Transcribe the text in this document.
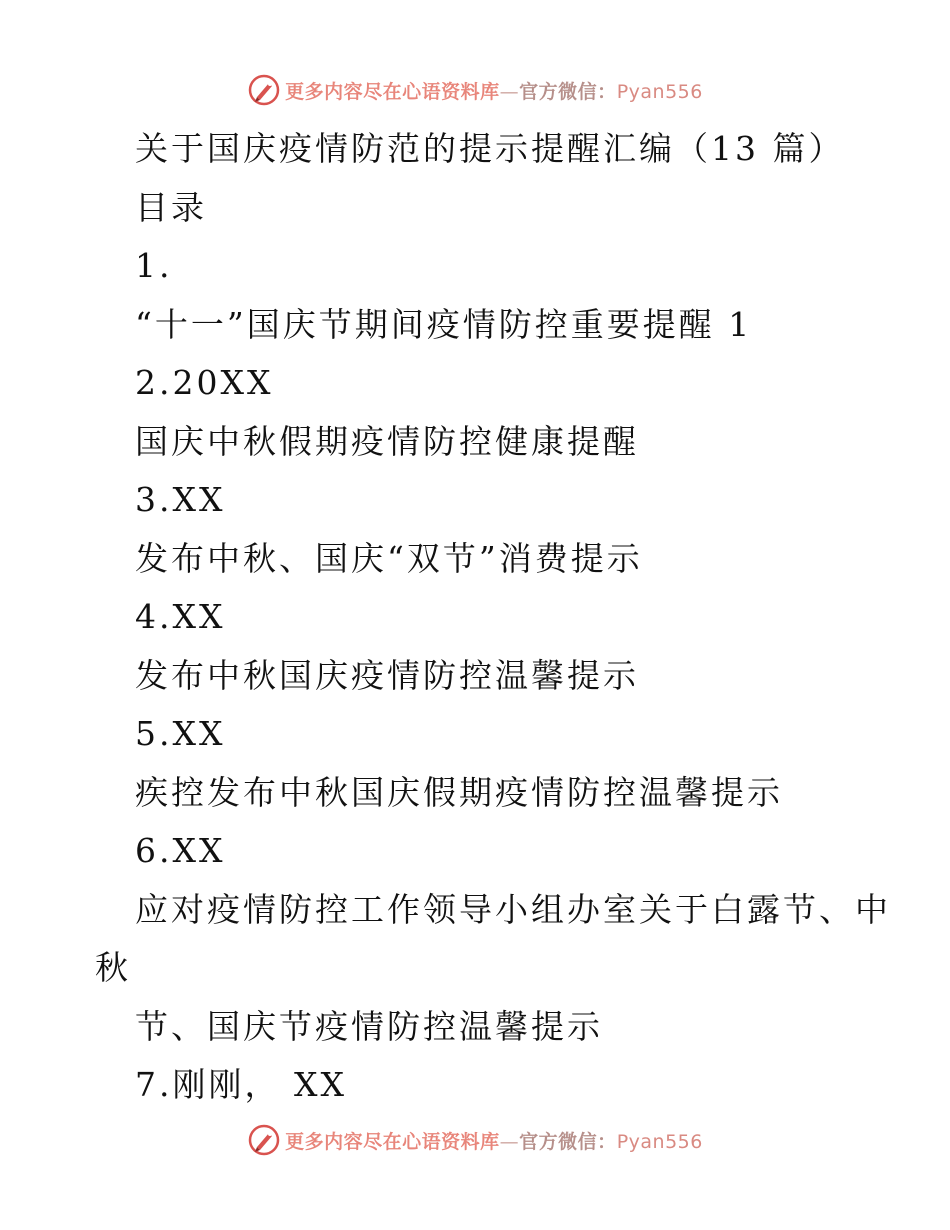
更多内容尽在心语资料库—官方微信：Pyan556
关于国庆疫情防范的提示提醒汇编（13 篇）
目录
1.
“十一”国庆节期间疫情防控重要提醒 1
2.20XX
国庆中秋假期疫情防控健康提醒
3.XX
发布中秋、国庆“双节”消费提示
4.XX
发布中秋国庆疫情防控温馨提示
5.XX
疾控发布中秋国庆假期疫情防控温馨提示
6.XX
应对疫情防控工作领导小组办室关于白露节、中
秋
节、国庆节疫情防控温馨提示
7.刚刚， XX
更多内容尽在心语资料库—官方微信：Pyan556
